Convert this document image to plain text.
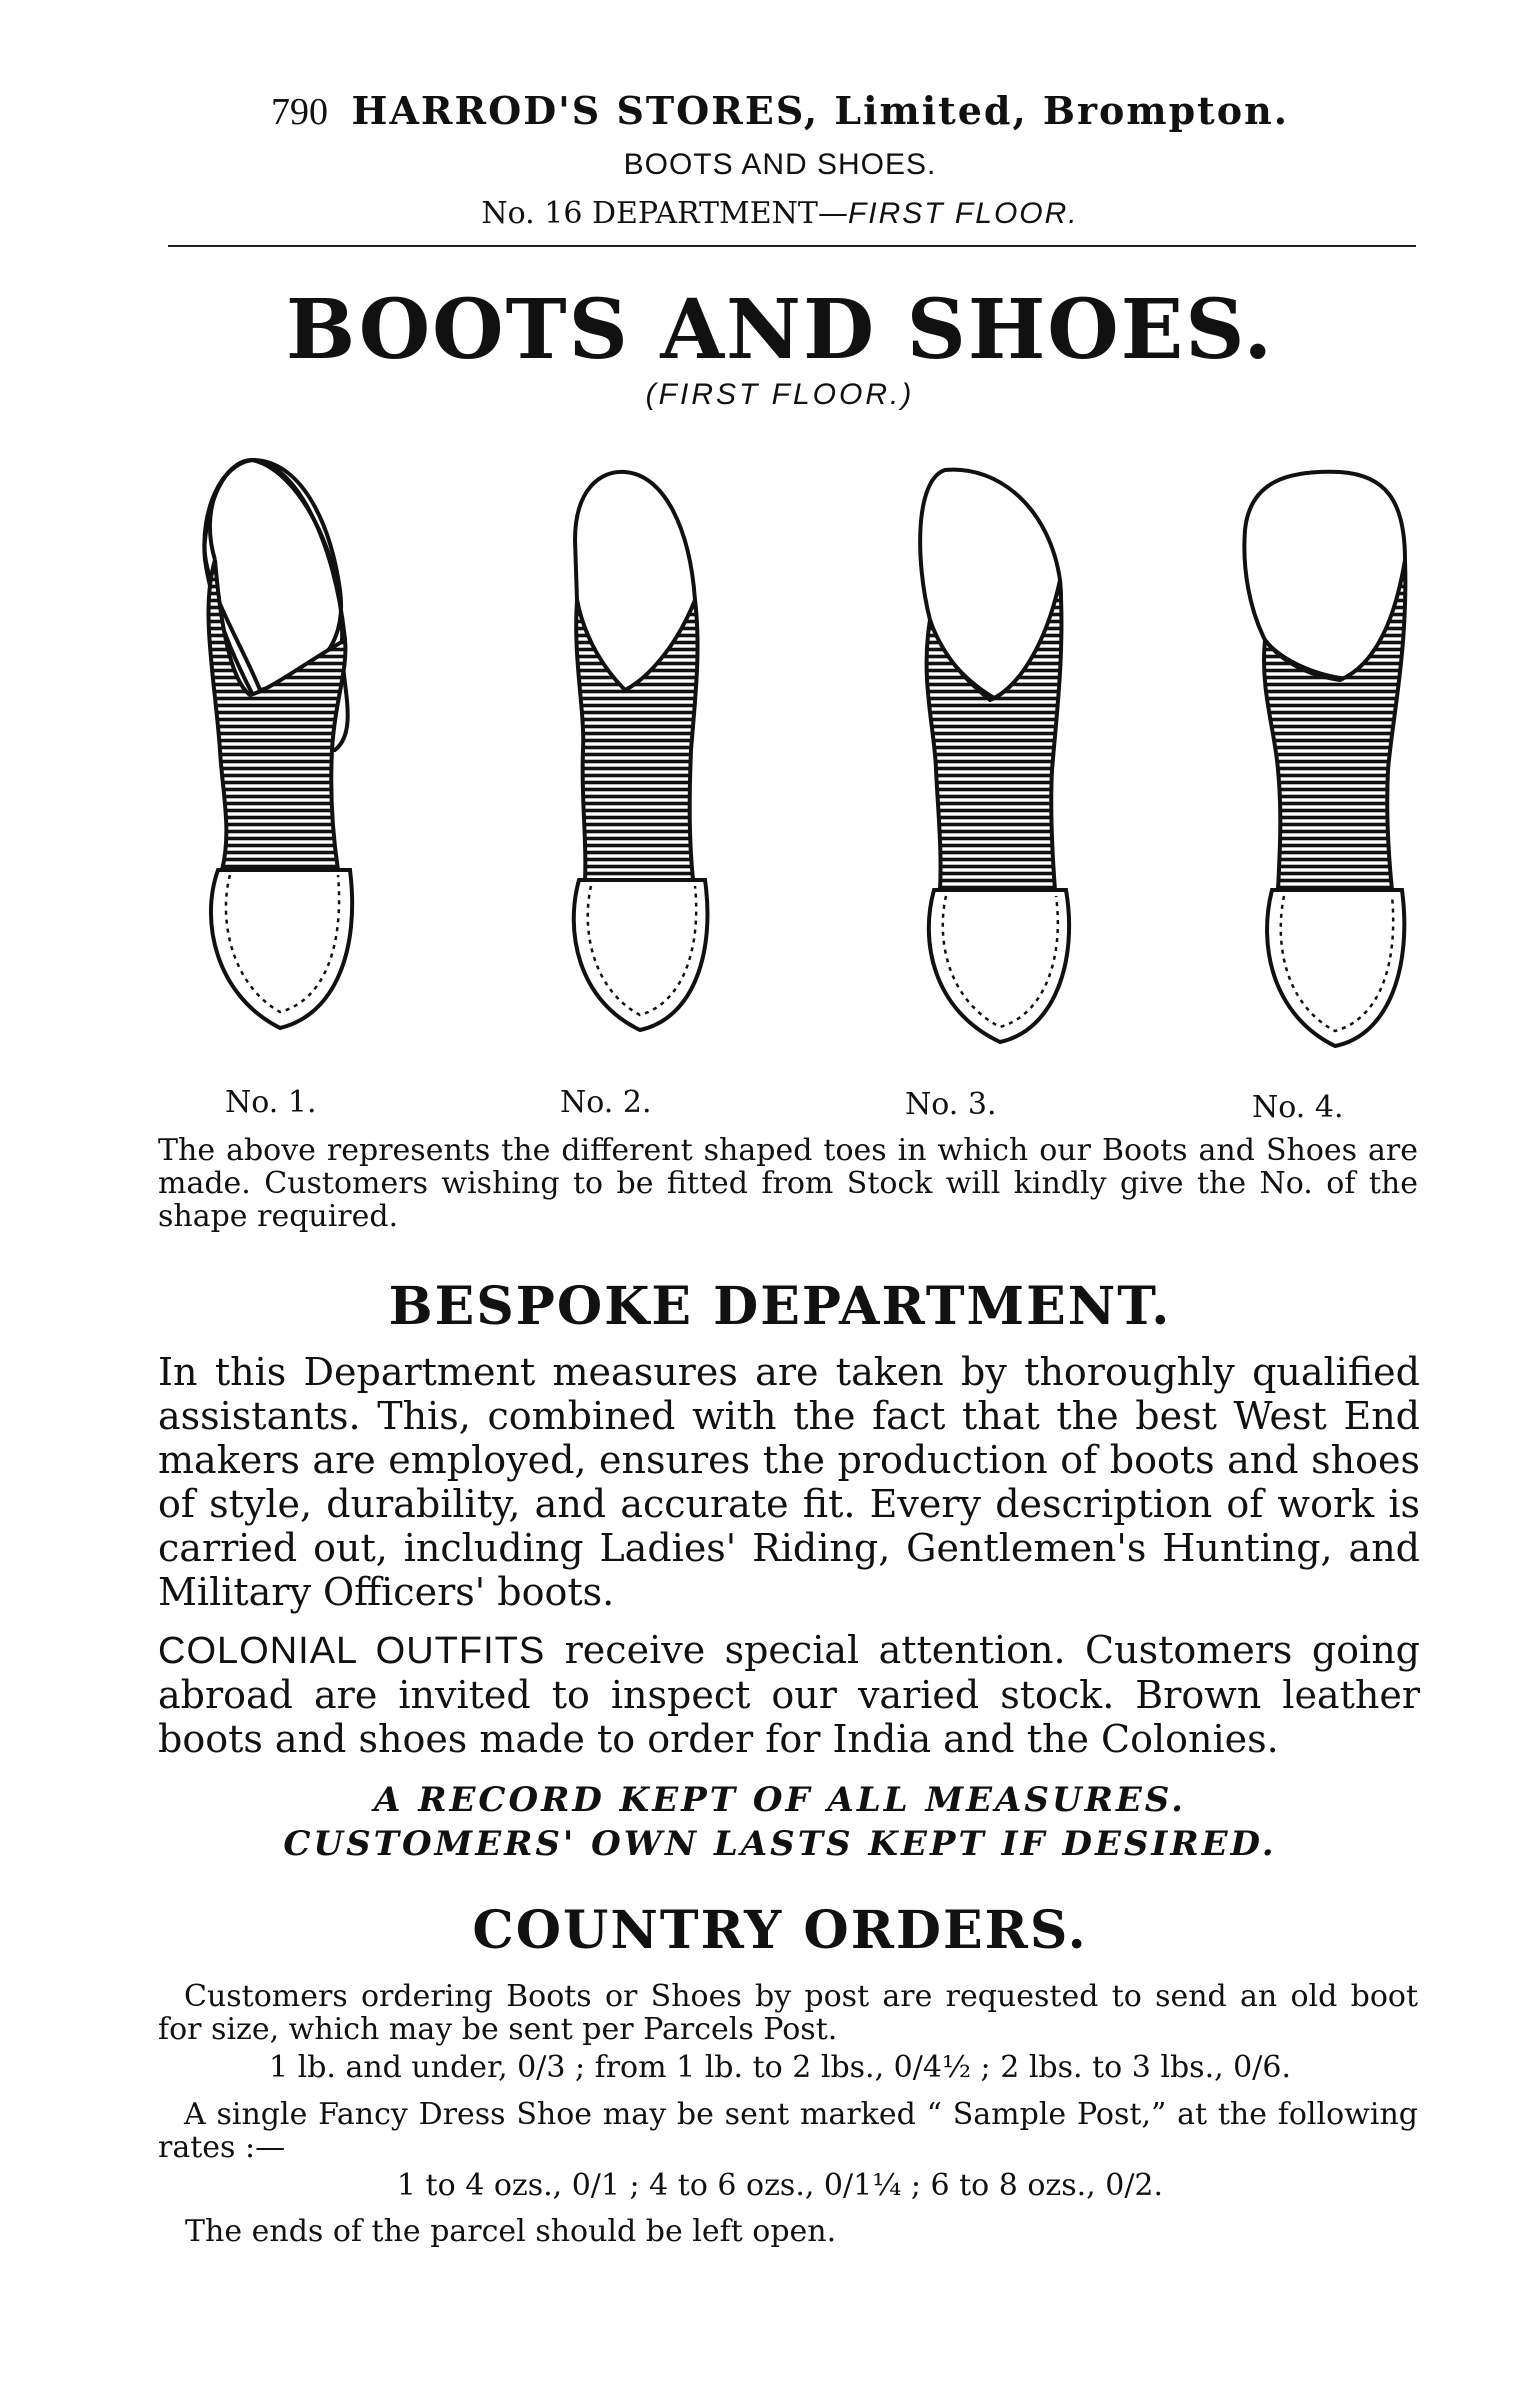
790 HARROD'S STORES, Limited, Brompton.
BOOTS AND SHOES.
No. 16 DEPARTMENT—FIRST FLOOR.
BOOTS AND SHOES.
(FIRST FLOOR.)
No. 1.	No. 2.	No. 3.	No. 4.
The above represents the different shaped toes in which our Boots and Shoes are made. Customers wishing to be fitted from Stock will kindly give the No. of the shape required.
BESPOKE DEPARTMENT.
In this Department measures are taken by thoroughly qualified assistants. This, combined with the fact that the best West End makers are employed, ensures the production of boots and shoes of style, durability, and accurate fit. Every description of work is carried out, including Ladies' Riding, Gentlemen's Hunting, and Military Officers' boots.
COLONIAL OUTFITS receive special attention. Customers going abroad are invited to inspect our varied stock. Brown leather boots and shoes made to order for India and the Colonies.
A RECORD KEPT OF ALL MEASURES.
CUSTOMERS' OWN LASTS KEPT IF DESIRED.
COUNTRY ORDERS.
Customers ordering Boots or Shoes by post are requested to send an old boot for size, which may be sent per Parcels Post.
1 lb. and under, 0/3 ; from 1 lb. to 2 lbs., 0/4½ ; 2 lbs. to 3 lbs., 0/6.
A single Fancy Dress Shoe may be sent marked “ Sample Post,” at the following rates :—
1 to 4 ozs., 0/1 ; 4 to 6 ozs., 0/1¼ ; 6 to 8 ozs., 0/2.
The ends of the parcel should be left open.
